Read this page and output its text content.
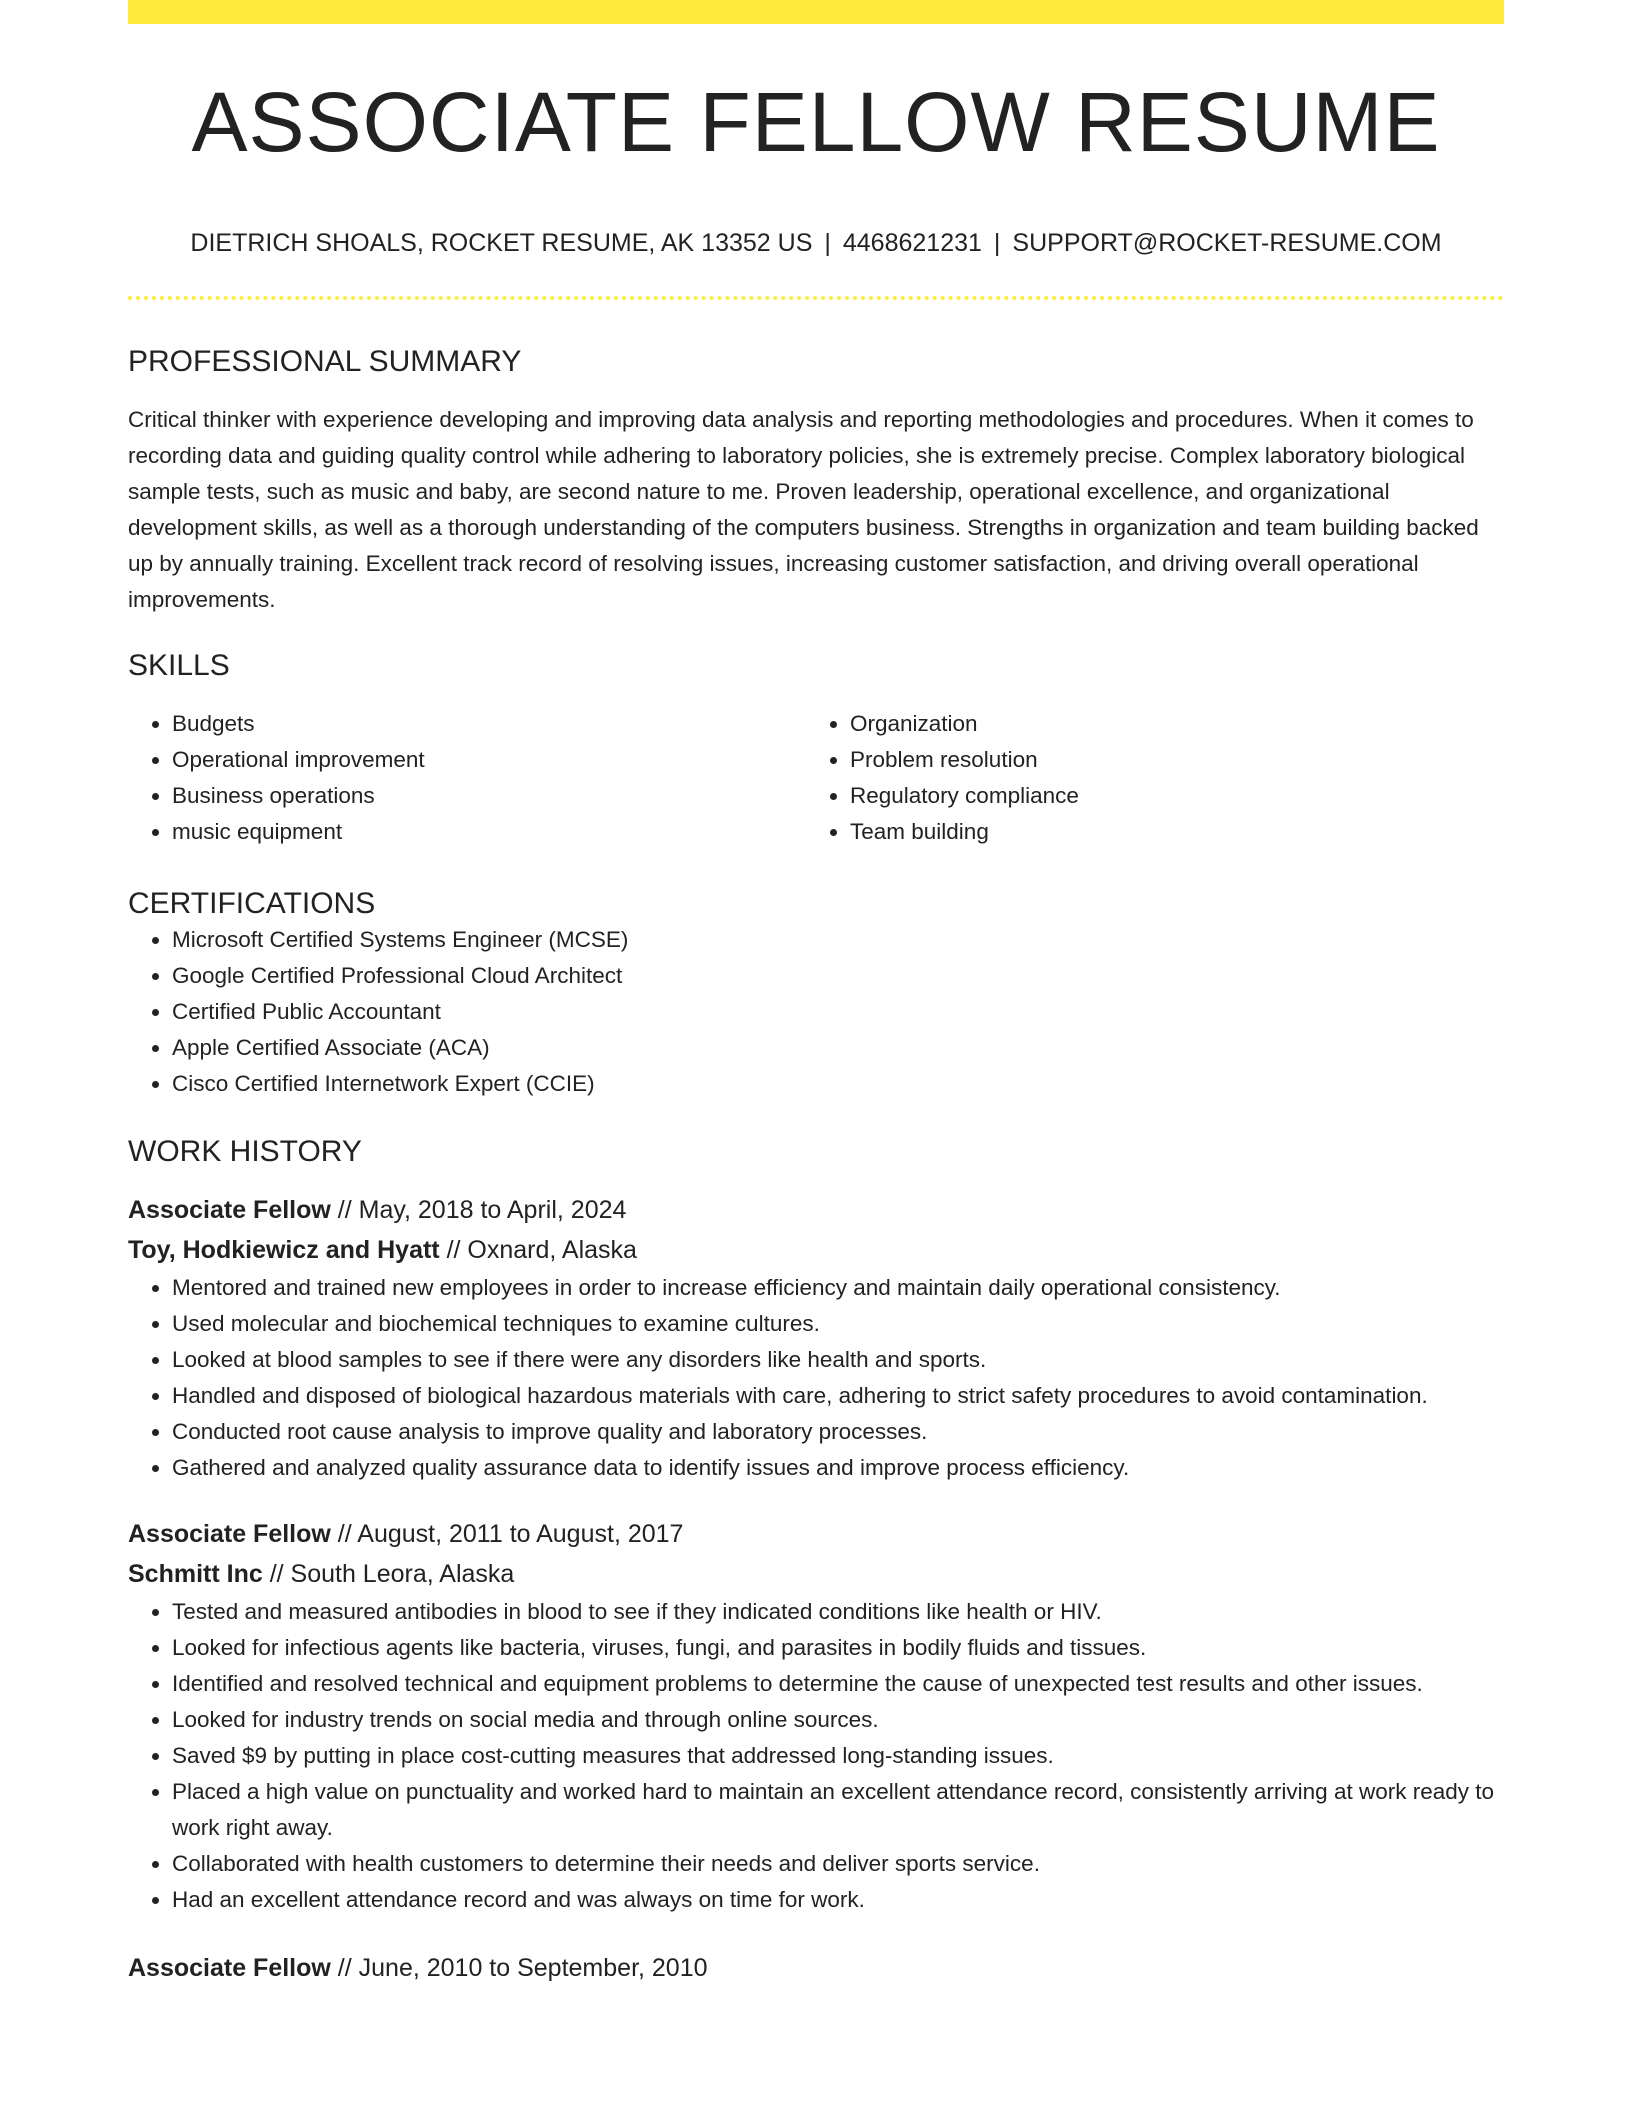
ASSOCIATE FELLOW RESUME
DIETRICH SHOALS, ROCKET RESUME, AK 13352 US | 4468621231 | SUPPORT@ROCKET-RESUME.COM
PROFESSIONAL SUMMARY
Critical thinker with experience developing and improving data analysis and reporting methodologies and procedures. When it comes to recording data and guiding quality control while adhering to laboratory policies, she is extremely precise. Complex laboratory biological sample tests, such as music and baby, are second nature to me. Proven leadership, operational excellence, and organizational development skills, as well as a thorough understanding of the computers business. Strengths in organization and team building backed up by annually training. Excellent track record of resolving issues, increasing customer satisfaction, and driving overall operational improvements.
SKILLS
• Budgets
• Operational improvement
• Business operations
• music equipment
• Organization
• Problem resolution
• Regulatory compliance
• Team building
CERTIFICATIONS
• Microsoft Certified Systems Engineer (MCSE)
• Google Certified Professional Cloud Architect
• Certified Public Accountant
• Apple Certified Associate (ACA)
• Cisco Certified Internetwork Expert (CCIE)
WORK HISTORY
Associate Fellow // May, 2018 to April, 2024
Toy, Hodkiewicz and Hyatt // Oxnard, Alaska
• Mentored and trained new employees in order to increase efficiency and maintain daily operational consistency.
• Used molecular and biochemical techniques to examine cultures.
• Looked at blood samples to see if there were any disorders like health and sports.
• Handled and disposed of biological hazardous materials with care, adhering to strict safety procedures to avoid contamination.
• Conducted root cause analysis to improve quality and laboratory processes.
• Gathered and analyzed quality assurance data to identify issues and improve process efficiency.
Associate Fellow // August, 2011 to August, 2017
Schmitt Inc // South Leora, Alaska
• Tested and measured antibodies in blood to see if they indicated conditions like health or HIV.
• Looked for infectious agents like bacteria, viruses, fungi, and parasites in bodily fluids and tissues.
• Identified and resolved technical and equipment problems to determine the cause of unexpected test results and other issues.
• Looked for industry trends on social media and through online sources.
• Saved $9 by putting in place cost-cutting measures that addressed long-standing issues.
• Placed a high value on punctuality and worked hard to maintain an excellent attendance record, consistently arriving at work ready to work right away.
• Collaborated with health customers to determine their needs and deliver sports service.
• Had an excellent attendance record and was always on time for work.
Associate Fellow // June, 2010 to September, 2010
